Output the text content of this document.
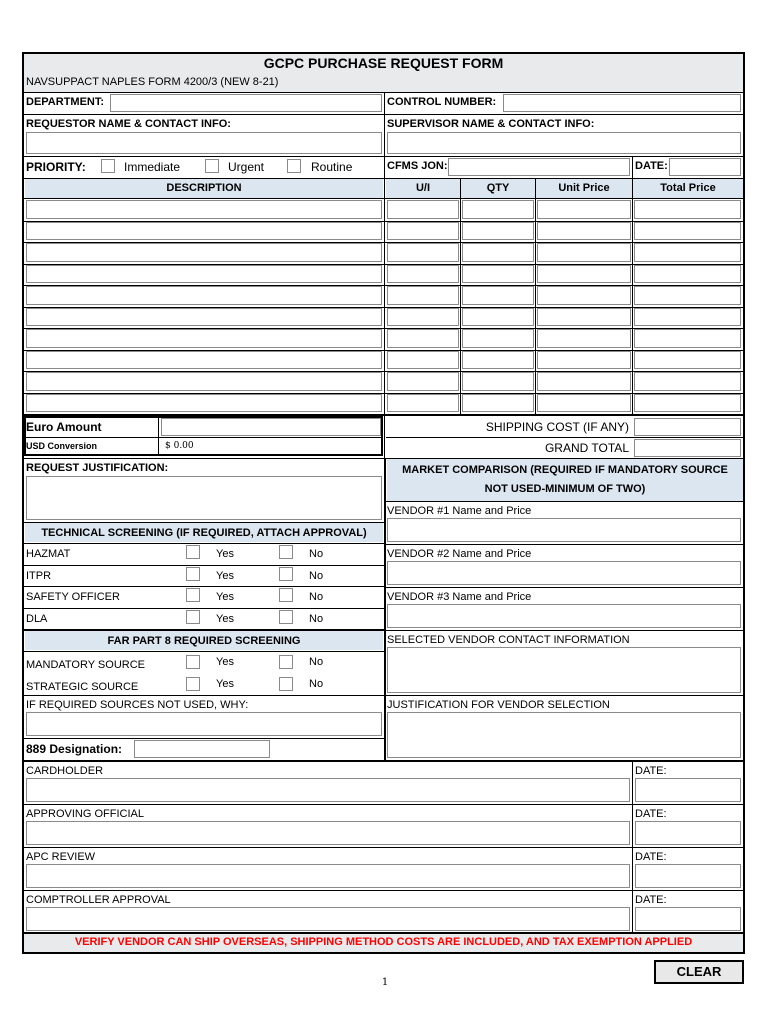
GCPC PURCHASE REQUEST FORM
NAVSUPPACT NAPLES FORM 4200/3 (NEW 8-21)
DEPARTMENT:	CONTROL NUMBER:
REQUESTOR NAME & CONTACT INFO:	SUPERVISOR NAME & CONTACT INFO:
PRIORITY:	Immediate	Urgent	Routine	CFMS JON:	DATE:
DESCRIPTION	U/I	QTY	Unit Price	Total Price
Euro Amount
USD Conversion	$ 0.00
SHIPPING COST (IF ANY)
GRAND TOTAL
REQUEST JUSTIFICATION:	MARKET COMPARISON (REQUIRED IF MANDATORY SOURCE NOT USED-MINIMUM OF TWO)
VENDOR #1 Name and Price
VENDOR #2 Name and Price
VENDOR #3 Name and Price
SELECTED VENDOR CONTACT INFORMATION
JUSTIFICATION FOR VENDOR SELECTION
TECHNICAL SCREENING (IF REQUIRED, ATTACH APPROVAL)
HAZMAT	Yes	No
ITPR	Yes	No
SAFETY OFFICER	Yes	No
DLA	Yes	No
FAR PART 8 REQUIRED SCREENING
MANDATORY SOURCE	Yes	No
STRATEGIC SOURCE	Yes	No
IF REQUIRED SOURCES NOT USED, WHY:
889 Designation:
CARDHOLDER	DATE:
APPROVING OFFICIAL	DATE:
APC REVIEW	DATE:
COMPTROLLER APPROVAL	DATE:
VERIFY VENDOR CAN SHIP OVERSEAS, SHIPPING METHOD COSTS ARE INCLUDED, AND TAX EXEMPTION APPLIED
CLEAR
1
